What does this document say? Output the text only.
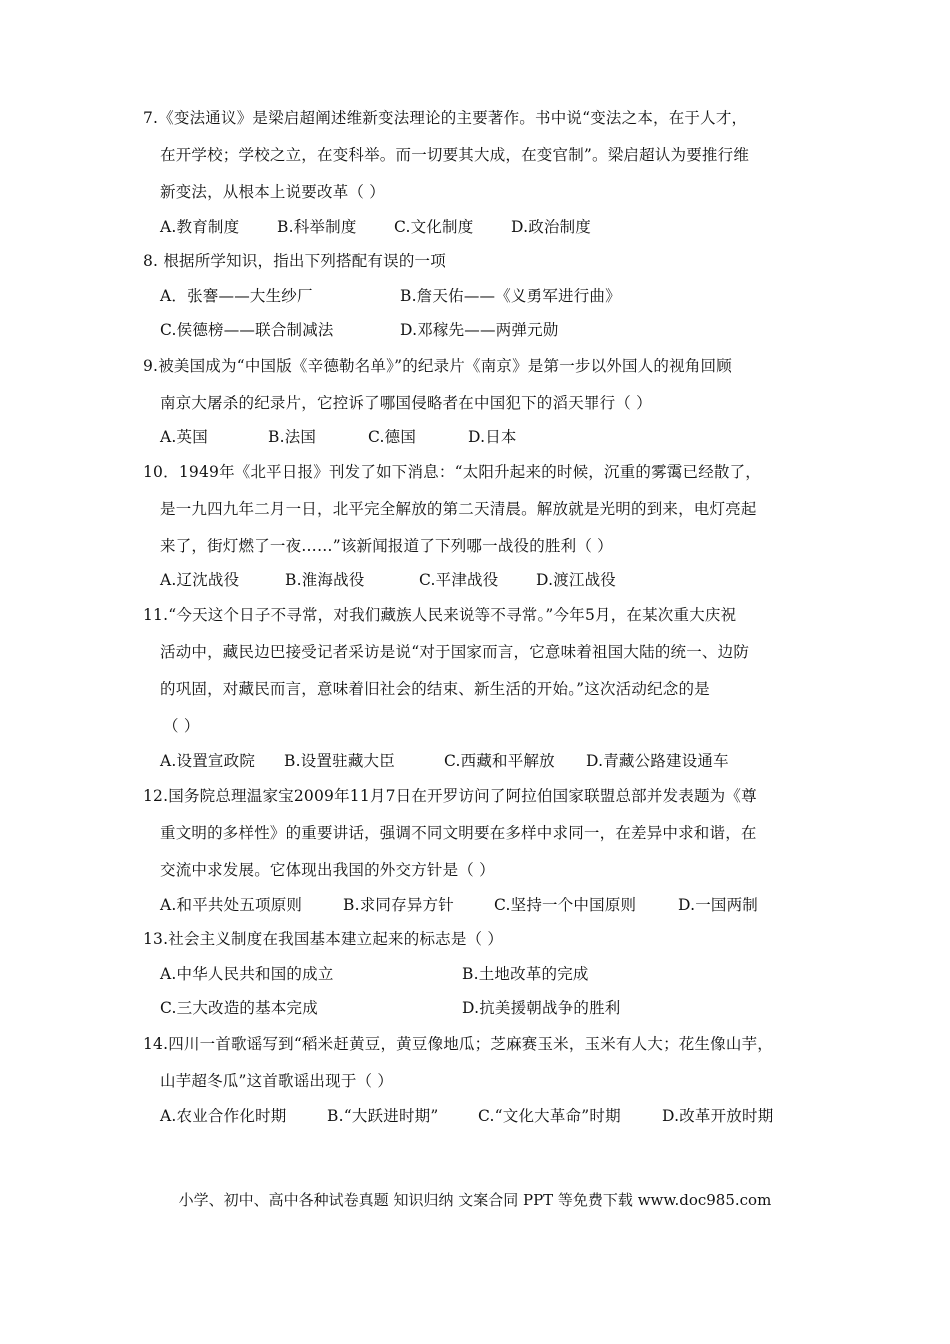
7.《变法通议》是梁启超阐述维新变法理论的主要著作。书中说“变法之本，在于人才，
在开学校；学校之立，在变科举。而一切要其大成，在变官制”。梁启超认为要推行维
新变法，从根本上说要改革（ ）
A.教育制度 B.科举制度 C.文化制度 D.政治制度
8. 根据所学知识，指出下列搭配有误的一项
A．张謇——大生纱厂	B.詹天佑——《义勇军进行曲》
C.侯德榜——联合制减法	D.邓稼先——两弹元勋
9.被美国成为“中国版《辛德勒名单》”的纪录片《南京》是第一步以外国人的视角回顾
南京大屠杀的纪录片，它控诉了哪国侵略者在中国犯下的滔天罪行（ ）
A.英国	B.法国	C.德国	D.日本
10．1949年《北平日报》刊发了如下消息：“太阳升起来的时候，沉重的雾霭已经散了，
是一九四九年二月一日，北平完全解放的第二天清晨。解放就是光明的到来，电灯亮起
来了，街灯燃了一夜……”该新闻报道了下列哪一战役的胜利（ ）
A.辽沈战役	B.淮海战役	C.平津战役 D.渡江战役
11.“今天这个日子不寻常，对我们藏族人民来说等不寻常。”今年5月，在某次重大庆祝
活动中，藏民边巴接受记者采访是说“对于国家而言，它意味着祖国大陆的统一、边防
的巩固，对藏民而言，意味着旧社会的结束、新生活的开始。”这次活动纪念的是
（ ）
A.设置宣政院 B.设置驻藏大臣	C.西藏和平解放 D.青藏公路建设通车
12.国务院总理温家宝2009年11月7日在开罗访问了阿拉伯国家联盟总部并发表题为《尊
重文明的多样性》的重要讲话，强调不同文明要在多样中求同一，在差异中求和谐，在
交流中求发展。它体现出我国的外交方针是（ ）
A.和平共处五项原则	B.求同存异方针	C.坚持一个中国原则	D.一国两制
13.社会主义制度在我国基本建立起来的标志是（ ）
A.中华人民共和国的成立	B.土地改革的完成
C.三大改造的基本完成	D.抗美援朝战争的胜利
14.四川一首歌谣写到“稻米赶黄豆，黄豆像地瓜；芝麻赛玉米，玉米有人大；花生像山芋，
山芋超冬瓜”这首歌谣出现于（ ）
A.农业合作化时期	B.“大跃进时期”	C.“文化大革命”时期	D.改革开放时期
小学、初中、高中各种试卷真题 知识归纳 文案合同 PPT 等免费下载 www.doc985.com
